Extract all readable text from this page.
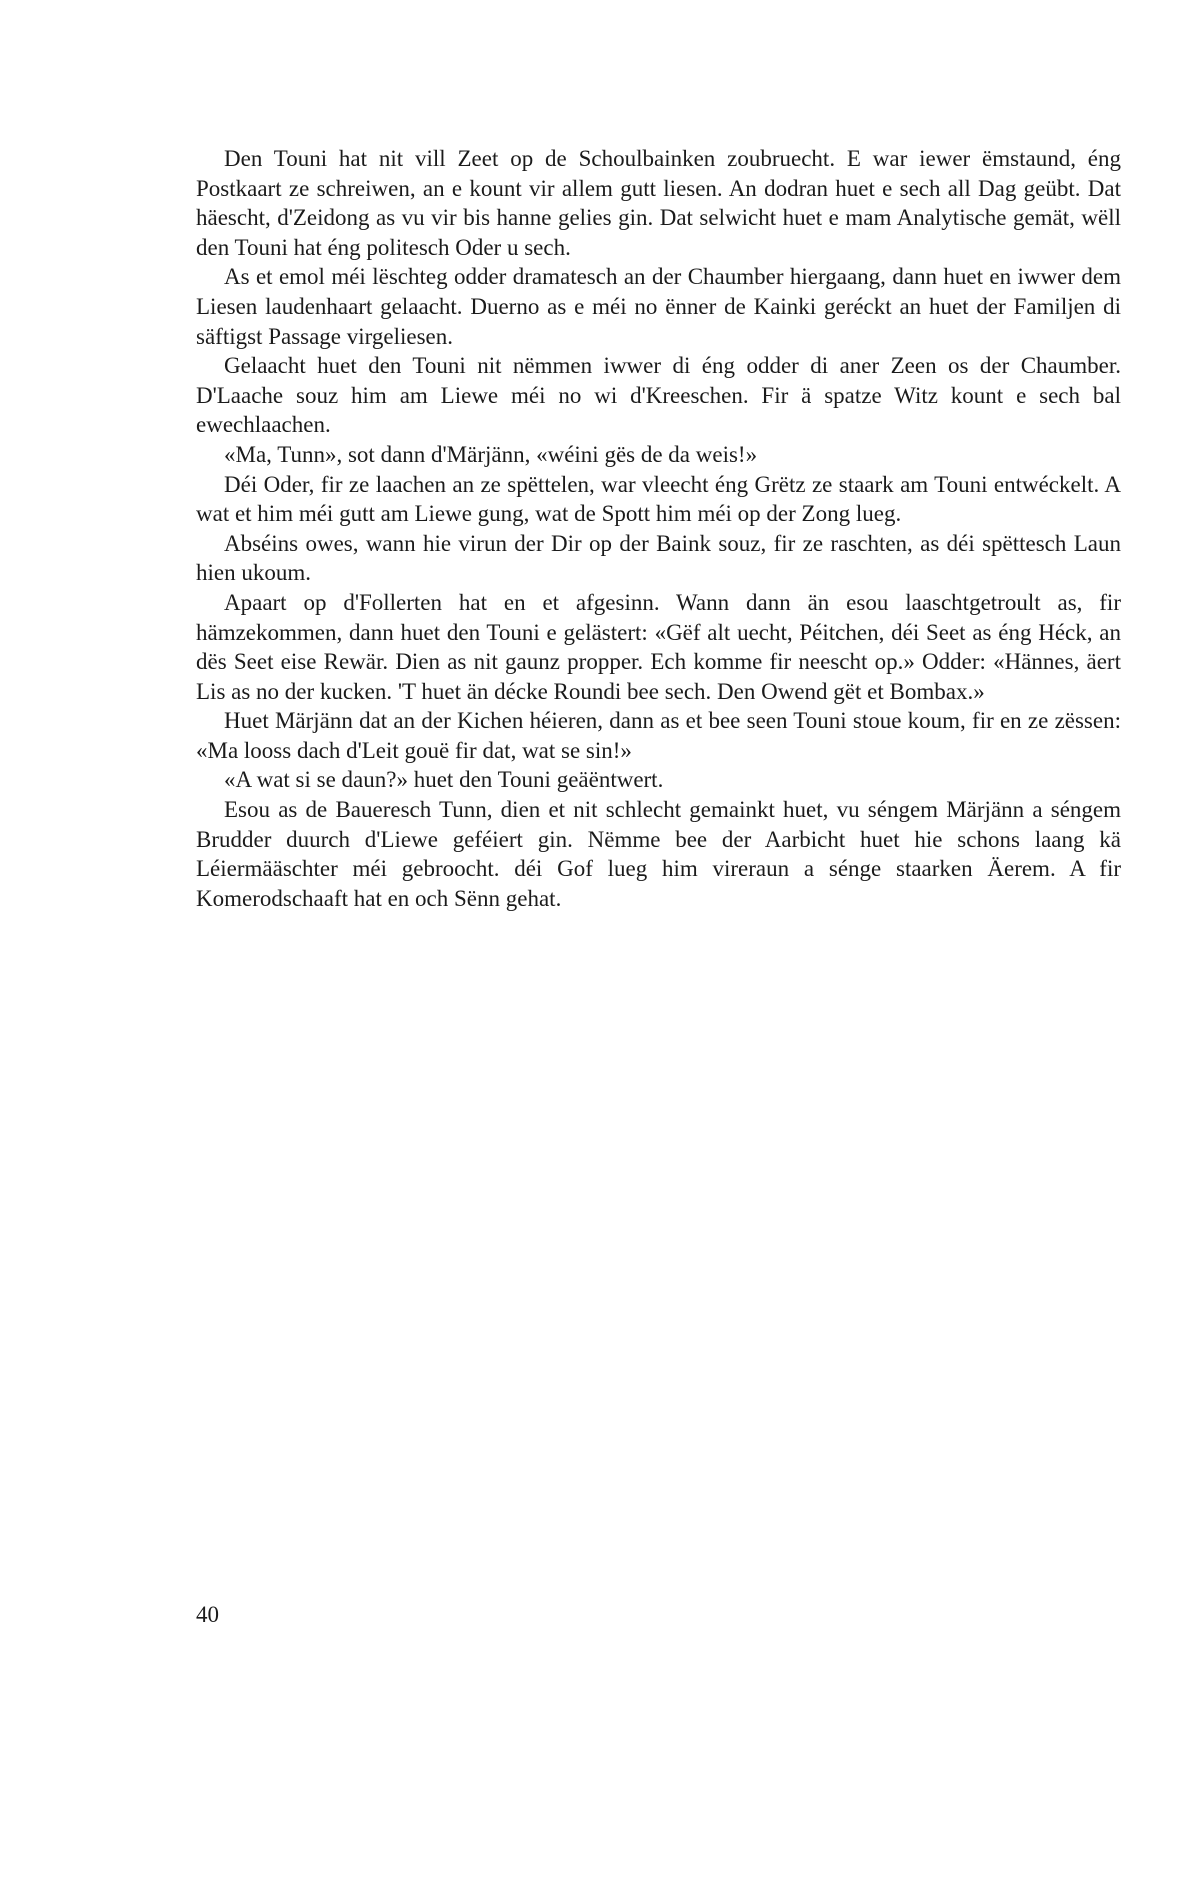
Den Touni hat nit vill Zeet op de Schoulbainken zoubruecht. E war iewer ëmstaund, éng Postkaart ze schreiwen, an e kount vir allem gutt liesen. An dodran huet e sech all Dag geübt. Dat häescht, d'Zeidong as vu vir bis hanne gelies gin. Dat selwicht huet e mam Analytische gemät, wëll den Touni hat éng politesch Oder u sech.

As et emol méi lëschteg odder dramatesch an der Chaumber hiergaang, dann huet en iwwer dem Liesen laudenhaart gelaacht. Duerno as e méi no ënner de Kainki geréckt an huet der Familjen di säftigst Passage virgeliesen.

Gelaacht huet den Touni nit nëmmen iwwer di éng odder di aner Zeen os der Chaumber. D'Laache souz him am Liewe méi no wi d'Kreeschen. Fir ä spatze Witz kount e sech bal ewechlaachen.

«Ma, Tunn», sot dann d'Märjänn, «wéini gës de da weis!»

Déi Oder, fir ze laachen an ze spëttelen, war vleecht éng Grëtz ze staark am Touni entwéckelt. A wat et him méi gutt am Liewe gung, wat de Spott him méi op der Zong lueg.

Abséins owes, wann hie virun der Dir op der Baink souz, fir ze raschten, as déi spëttesch Laun hien ukoum.

Apaart op d'Follerten hat en et afgesinn. Wann dann än esou laaschtgetroult as, fir hämzekommen, dann huet den Touni e gelästert: «Gëf alt uecht, Péitchen, déi Seet as éng Héck, an dës Seet eise Rewär. Dien as nit gaunz propper. Ech komme fir neescht op.» Odder: «Hännes, äert Lis as no der kucken. 'T huet än décke Roundi bee sech. Den Owend gët et Bombax.»

Huet Märjänn dat an der Kichen héieren, dann as et bee seen Touni stoue koum, fir en ze zëssen: «Ma looss dach d'Leit gouë fir dat, wat se sin!»

«A wat si se daun?» huet den Touni geäëntwert.

Esou as de Baueresch Tunn, dien et nit schlecht gemainkt huet, vu séngem Märjänn a séngem Brudder duurch d'Liewe geféiert gin. Nëmme bee der Aarbicht huet hie schons laang kä Léiermääschter méi gebroocht. déi Gof lueg him vireraun a sénge staarken Äerem. A fir Komerodschaaft hat en och Sënn gehat.

40
